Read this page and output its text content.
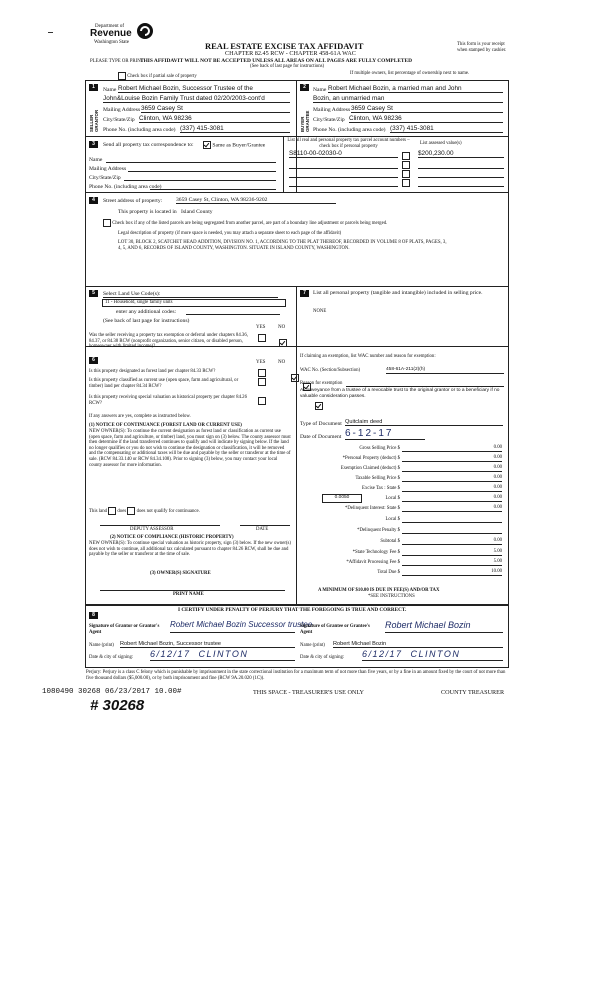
Department of
Revenue
Washington State	REAL ESTATE EXCISE TAX AFFIDAVIT
CHAPTER 82.45 RCW - CHAPTER 458-61A WAC
THIS AFFIDAVIT WILL NOT BE ACCEPTED UNLESS ALL AREAS ON ALL PAGES ARE FULLY COMPLETED
(See back of last page for instructions)
PLEASE TYPE OR PRINT
This form is your receipt
when stamped by cashier.
Check box if partial sale of property
If multiple owners, list percentage of ownership next to name.
1
SELLER GRANTOR
Name Robert Michael Bozin, Successor Trustee of the
John&Louise Bozin Family Trust dated 02/20/2003-cont'd
Mailing Address 3659 Casey St
City/State/Zip Clinton, WA 98236
Phone No. (including area code) (337) 415-3081
2
BUYER GRANTEE
Name Robert Michael Bozin, a married man and John
Bozin, an unmarried man
Mailing Address 3659 Casey St
City/State/Zip Clinton, WA 98236
Phone No. (including area code) (337) 415-3081
3	Send all property tax correspondence to:	Same as Buyer/Grantee
Name
Mailing Address
City/State/Zip
Phone No. (including area code)
List all real and personal property tax parcel account numbers – check box if personal property
List assessed value(s)
S8110-00-02030-0	$200,230.00
4	Street address of property: 3659 Casey St, Clinton, WA 98236-9202
This property is located in Island County
Check box if any of the listed parcels are being segregated from another parcel, are part of a boundary line adjustment or parcels being merged.
Legal description of property (if more space is needed, you may attach a separate sheet to each page of the affidavit)
LOT 30, BLOCK 2, SCATCHET HEAD ADDITION, DIVISION NO. 1, ACCORDING TO THE PLAT THEREOF, RECORDED IN VOLUME 8 OF PLATS, PAGES, 3, 4, 5, AND 6, RECORDS OF ISLAND COUNTY, WASHINGTON. SITUATE IN ISLAND COUNTY, WASHINGTON.
5	Select Land Use Code(s):
11 - Household, single family units
enter any additional codes:
(See back of last page for instructions)
YES	NO
Was the seller receiving a property tax exemption or deferral under chapters 84.36, 84.37, or 84.38 RCW (nonprofit organization, senior citizen, or disabled person, homeowner with limited income)?

6	YES	NO
Is this property designated as forest land per chapter 84.33 RCW?

Is this property classified as current use (open space, farm and agricultural, or timber) land per chapter 84.34 RCW?

Is this property receiving special valuation as historical property per chapter 84.26 RCW?
If any answers are yes, complete as instructed below.
(1) NOTICE OF CONTINUANCE (FOREST LAND OR CURRENT USE)
NEW OWNER(S): To continue the current designation as forest land or classification as current use (open space, farm and agriculture, or timber) land, you must sign on (3) below. The county assessor must then determine if the land transferred continues to qualify and will indicate by signing below. If the land no longer qualifies or you do not wish to continue the designation or classification, it will be removed and the compensating or additional taxes will be due and payable by the seller or transferor at the time of sale. (RCW 84.33.140 or RCW 84.34.108). Prior to signing (3) below, you may contact your local county assessor for more information.
This land does does not qualify for continuance.
DEPUTY ASSESSOR	DATE
(2) NOTICE OF COMPLIANCE (HISTORIC PROPERTY)
NEW OWNER(S): To continue special valuation as historic property, sign (3) below. If the new owner(s) does not wish to continue, all additional tax calculated pursuant to chapter 84.26 RCW, shall be due and payable by the seller or transferor at the time of sale.
(3) OWNER(S) SIGNATURE
PRINT NAME
7	List all personal property (tangible and intangible) included in selling price.
NONE
If claiming an exemption, list WAC number and reason for exemption:
WAC No. (Section/Subsection)	458-61A-211(2)(h)
Reason for exemption
A conveyance from a trustee of a revocable trust to the original grantor or to a beneficiary if no valuable consideration passes.
Type of Document Quitclaim deed
Date of Document 6-12-17
Gross Selling Price $	0.00
*Personal Property (deduct) $	0.00
Exemption Claimed (deduct) $	0.00
Taxable Selling Price $	0.00
Excise Tax : State $	0.00
0.0050	Local $	0.00
*Delinquent Interest: State $	0.00
Local $
*Delinquent Penalty $
Subtotal $	0.00
*State Technology Fee $	5.00
*Affidavit Processing Fee $	5.00
Total Due $	10.00
A MINIMUM OF $10.00 IS DUE IN FEE(S) AND/OR TAX
*SEE INSTRUCTIONS
8
I CERTIFY UNDER PENALTY OF PERJURY THAT THE FOREGOING IS TRUE AND CORRECT.
Signature of Grantor or Grantor's Agent
Robert Michael Bozin Successor trustee
Name (print) Robert Michael Bozin, Successor trustee
Date & city of signing: 6/12/17  CLINTON
Signature of Grantee or Grantee's Agent
Robert Michael Bozin
Name (print) Robert Michael Bozin
Date & city of signing: 6/12/17  CLINTON
Perjury: Perjury is a class C felony which is punishable by imprisonment in the state correctional institution for a maximum term of not more than five years, or by a fine in an amount fixed by the court of not more than five thousand dollars ($5,000.00), or by both imprisonment and fine (RCW 9A.20.020 (1C)).
1080490 30268 06/23/2017 10.00#
# 30268
THIS SPACE - TREASURER'S USE ONLY	COUNTY TREASURER
